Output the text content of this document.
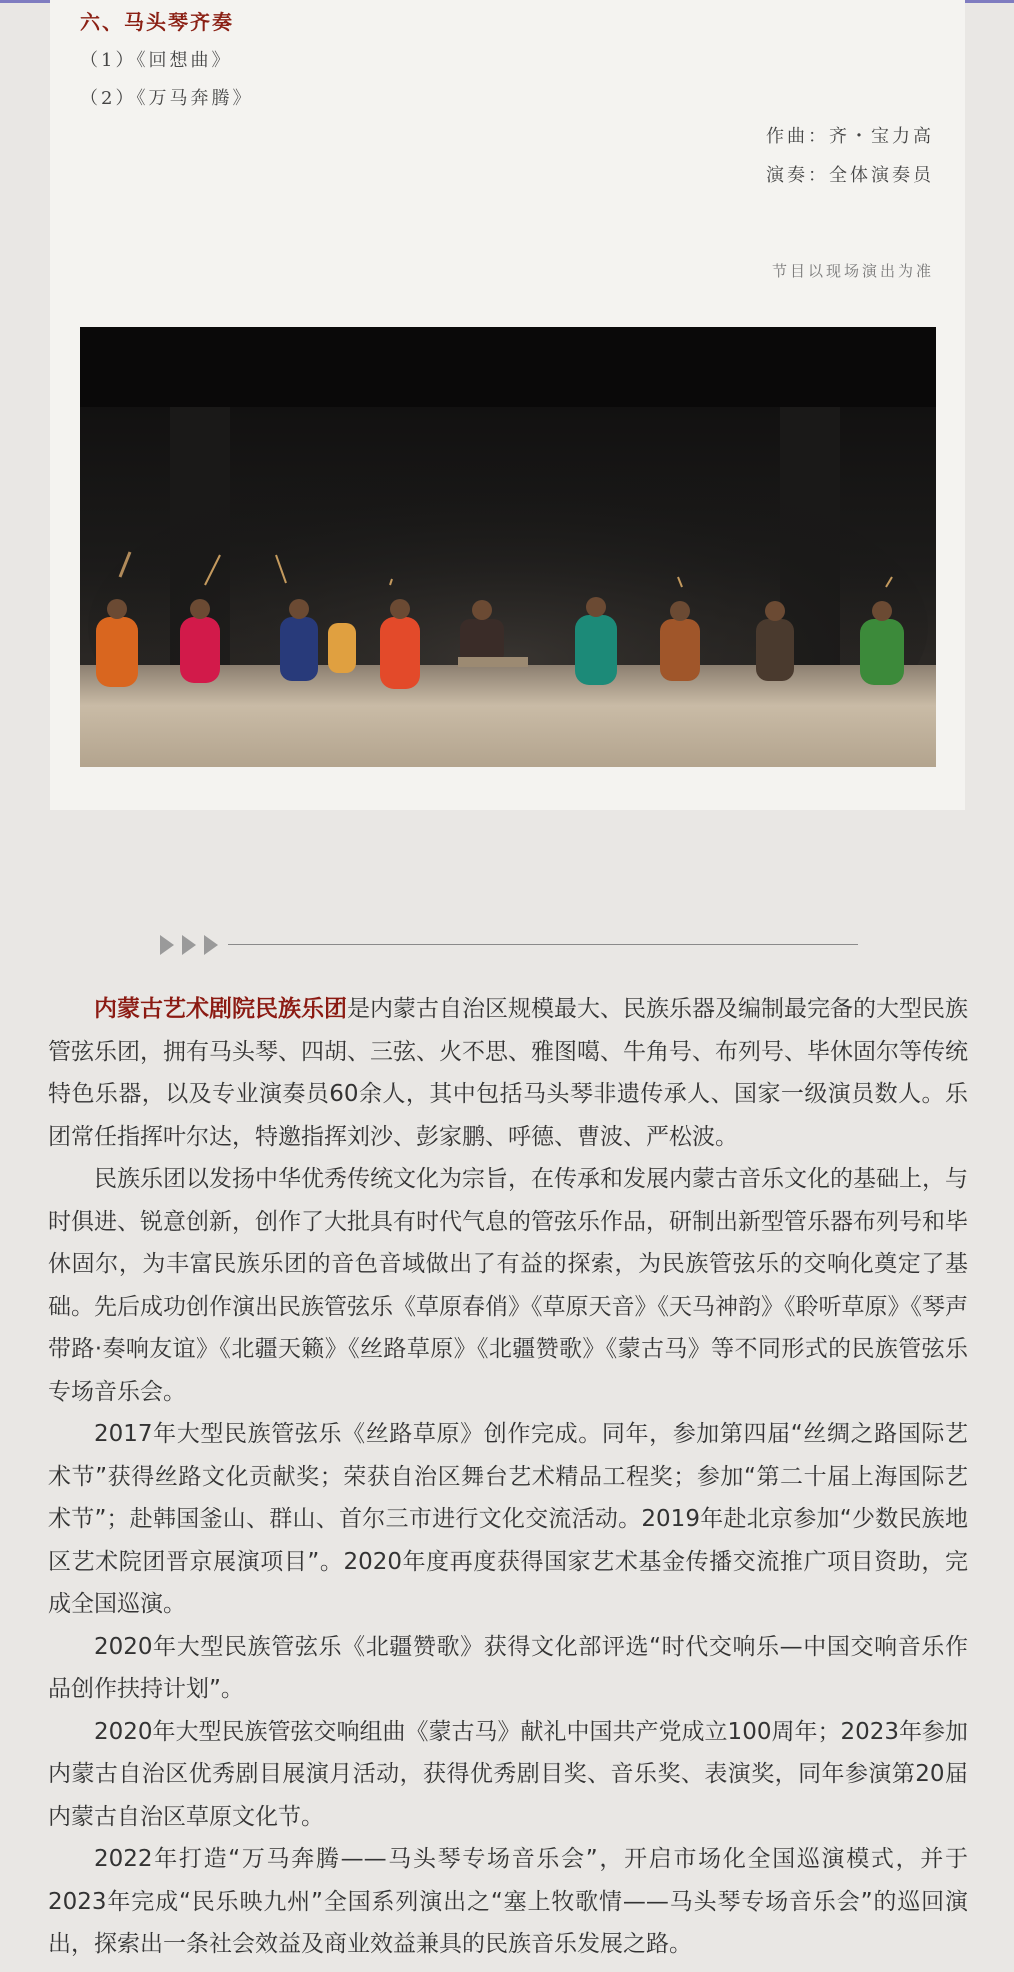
六、马头琴齐奏
（1）《回想曲》
（2）《万马奔腾》
作曲：齐・宝力高
演奏：全体演奏员
节目以现场演出为准

内蒙古艺术剧院民族乐团是内蒙古自治区规模最大、民族乐器及编制最完备的大型民族管弦乐团，拥有马头琴、四胡、三弦、火不思、雅图噶、牛角号、布列号、毕休固尔等传统特色乐器，以及专业演奏员60余人，其中包括马头琴非遗传承人、国家一级演员数人。乐团常任指挥叶尔达，特邀指挥刘沙、彭家鹏、呼德、曹波、严松波。

民族乐团以发扬中华优秀传统文化为宗旨，在传承和发展内蒙古音乐文化的基础上，与时俱进、锐意创新，创作了大批具有时代气息的管弦乐作品，研制出新型管乐器布列号和毕休固尔，为丰富民族乐团的音色音域做出了有益的探索，为民族管弦乐的交响化奠定了基础。先后成功创作演出民族管弦乐《草原春俏》《草原天音》《天马神韵》《聆听草原》《琴声带路·奏响友谊》《北疆天籁》《丝路草原》《北疆赞歌》《蒙古马》等不同形式的民族管弦乐专场音乐会。

2017年大型民族管弦乐《丝路草原》创作完成。同年，参加第四届“丝绸之路国际艺术节”获得丝路文化贡献奖；荣获自治区舞台艺术精品工程奖；参加“第二十届上海国际艺术节”；赴韩国釜山、群山、首尔三市进行文化交流活动。2019年赴北京参加“少数民族地区艺术院团晋京展演项目”。2020年度再度获得国家艺术基金传播交流推广项目资助，完成全国巡演。

2020年大型民族管弦乐《北疆赞歌》获得文化部评选“时代交响乐—中国交响音乐作品创作扶持计划”。

2020年大型民族管弦交响组曲《蒙古马》献礼中国共产党成立100周年；2023年参加内蒙古自治区优秀剧目展演月活动，获得优秀剧目奖、音乐奖、表演奖，同年参演第20届内蒙古自治区草原文化节。

2022年打造“万马奔腾——马头琴专场音乐会”，开启市场化全国巡演模式，并于2023年完成“民乐映九州”全国系列演出之“塞上牧歌情——马头琴专场音乐会”的巡回演出，探索出一条社会效益及商业效益兼具的民族音乐发展之路。
